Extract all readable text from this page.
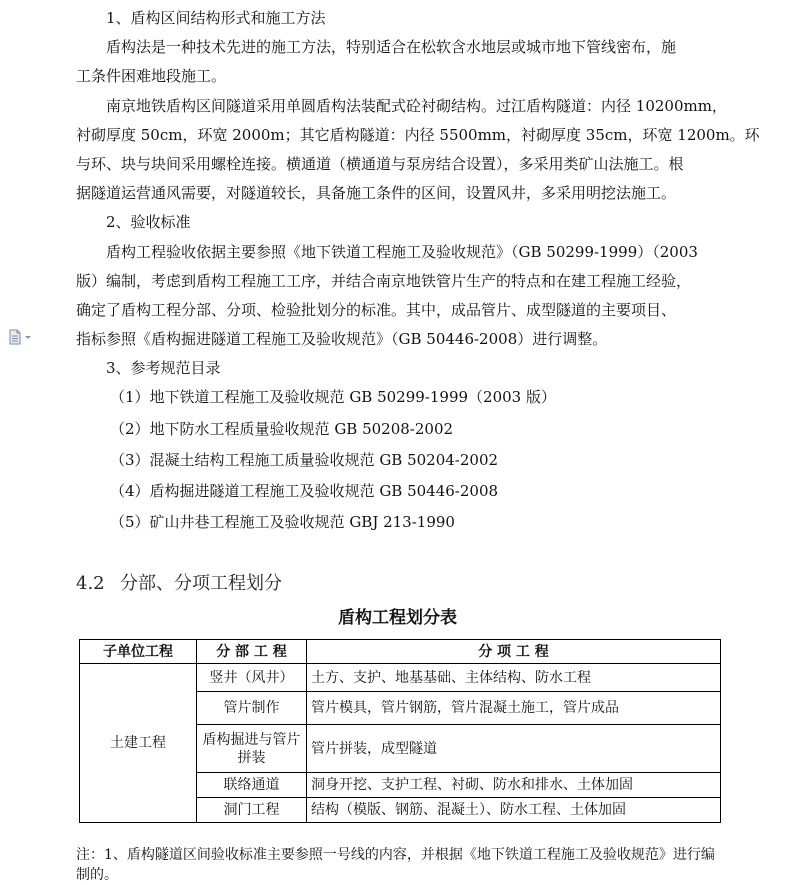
1、盾构区间结构形式和施工方法
盾构法是一种技术先进的施工方法，特别适合在松软含水地层或城市地下管线密布，施
工条件困难地段施工。
南京地铁盾构区间隧道采用单圆盾构法装配式砼衬砌结构。过江盾构隧道：内径 10200mm，
衬砌厚度 50cm，环宽 2000m；其它盾构隧道：内径 5500mm，衬砌厚度 35cm，环宽 1200m。环
与环、块与块间采用螺栓连接。横通道（横通道与泵房结合设置），多采用类矿山法施工。根
据隧道运营通风需要，对隧道较长，具备施工条件的区间，设置风井，多采用明挖法施工。
2、验收标准
盾构工程验收依据主要参照《地下铁道工程施工及验收规范》（GB 50299-1999）（2003
版）编制，考虑到盾构工程施工工序，并结合南京地铁管片生产的特点和在建工程施工经验，
确定了盾构工程分部、分项、检验批划分的标准。其中，成品管片、成型隧道的主要项目、
指标参照《盾构掘进隧道工程施工及验收规范》（GB 50446-2008）进行调整。
3、参考规范目录
（1）地下铁道工程施工及验收规范 GB 50299-1999（2003 版）
（2）地下防水工程质量验收规范 GB 50208-2002
（3）混凝土结构工程施工质量验收规范 GB 50204-2002
（4）盾构掘进隧道工程施工及验收规范 GB 50446-2008
（5）矿山井巷工程施工及验收规范 GBJ 213-1990
4.2 分部、分项工程划分
盾构工程划分表
子单位工程	分 部 工 程	分 项 工 程
土建工程	竖井（风井）	土方、支护、地基基础、主体结构、防水工程
	管片制作	管片模具，管片钢筋，管片混凝土施工，管片成品
	盾构掘进与管片拼装	管片拼装，成型隧道
	联络通道	洞身开挖、支护工程、衬砌、防水和排水、土体加固
	洞门工程	结构（模版、钢筋、混凝土）、防水工程、土体加固
注：1、盾构隧道区间验收标准主要参照一号线的内容，并根据《地下铁道工程施工及验收规范》进行编
制的。
